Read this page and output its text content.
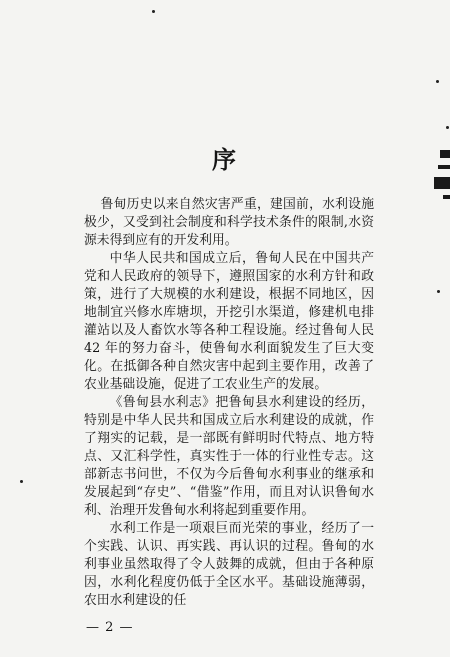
序

鲁甸历史以来自然灾害严重，建国前，水利设施极少，又受到社会制度和科学技术条件的限制,水资源未得到应有的开发利用。

中华人民共和国成立后，鲁甸人民在中国共产党和人民政府的领导下，遵照国家的水利方针和政策，进行了大规模的水利建设，根据不同地区，因地制宜兴修水库塘坝，开挖引水渠道，修建机电排灌站以及人畜饮水等各种工程设施。经过鲁甸人民 42 年的努力奋斗，使鲁甸水利面貌发生了巨大变化。在抵御各种自然灾害中起到主要作用，改善了农业基础设施，促进了工农业生产的发展。

《鲁甸县水利志》把鲁甸县水利建设的经历，特别是中华人民共和国成立后水利建设的成就，作了翔实的记载，是一部既有鲜明时代特点、地方特点、又汇科学性，真实性于一体的行业性专志。这部新志书问世，不仅为今后鲁甸水利事业的继承和发展起到“存史”、“借鉴”作用，而且对认识鲁甸水利、治理开发鲁甸水利将起到重要作用。

水利工作是一项艰巨而光荣的事业，经历了一个实践、认识、再实践、再认识的过程。鲁甸的水利事业虽然取得了令人鼓舞的成就，但由于各种原因，水利化程度仍低于全区水平。基础设施薄弱，农田水利建设的任

— 2 —
